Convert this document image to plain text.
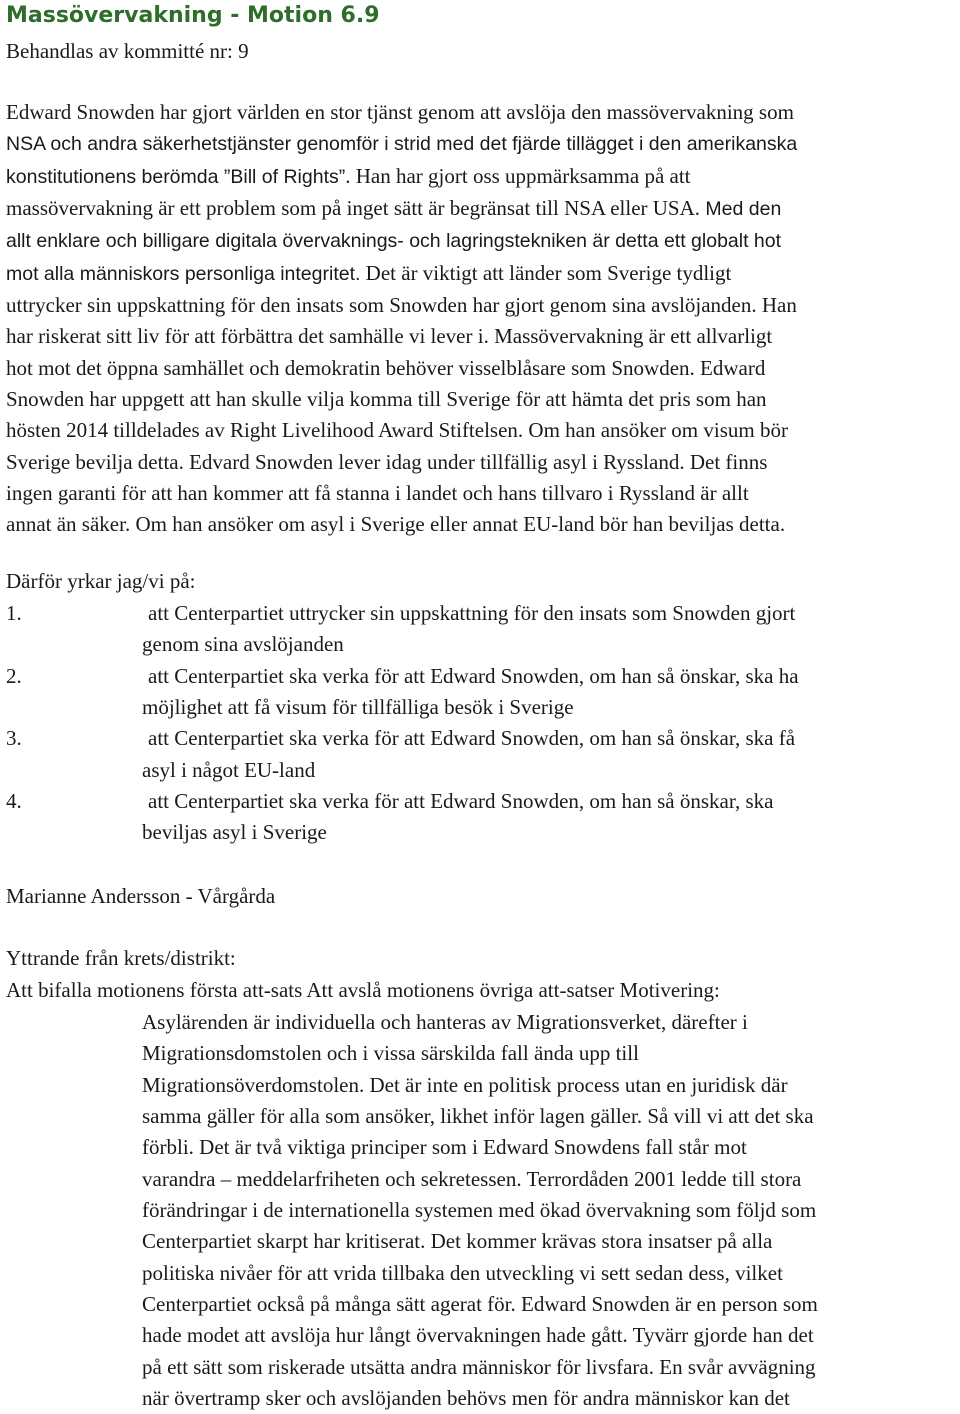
Massövervakning - Motion 6.9
Behandlas av kommitté nr: 9
Edward Snowden har gjort världen en stor tjänst genom att avslöja den massövervakning som
NSA och andra säkerhetstjänster genomför i strid med det fjärde tillägget i den amerikanska
konstitutionens berömda ”Bill of Rights”. Han har gjort oss uppmärksamma på att
massövervakning är ett problem som på inget sätt är begränsat till NSA eller USA. Med den
allt enklare och billigare digitala övervaknings- och lagringstekniken är detta ett globalt hot
mot alla människors personliga integritet. Det är viktigt att länder som Sverige tydligt
uttrycker sin uppskattning för den insats som Snowden har gjort genom sina avslöjanden. Han
har riskerat sitt liv för att förbättra det samhälle vi lever i. Massövervakning är ett allvarligt
hot mot det öppna samhället och demokratin behöver visselblåsare som Snowden. Edward
Snowden har uppgett att han skulle vilja komma till Sverige för att hämta det pris som han
hösten 2014 tilldelades av Right Livelihood Award Stiftelsen. Om han ansöker om visum bör
Sverige bevilja detta. Edvard Snowden lever idag under tillfällig asyl i Ryssland. Det finns
ingen garanti för att han kommer att få stanna i landet och hans tillvaro i Ryssland är allt
annat än säker. Om han ansöker om asyl i Sverige eller annat EU-land bör han beviljas detta.
Därför yrkar jag/vi på:
1.	att Centerpartiet uttrycker sin uppskattning för den insats som Snowden gjort
genom sina avslöjanden
2.	att Centerpartiet ska verka för att Edward Snowden, om han så önskar, ska ha
möjlighet att få visum för tillfälliga besök i Sverige
3.	att Centerpartiet ska verka för att Edward Snowden, om han så önskar, ska få
asyl i något EU-land
4.	att Centerpartiet ska verka för att Edward Snowden, om han så önskar, ska
beviljas asyl i Sverige
Marianne Andersson - Vårgårda
Yttrande från krets/distrikt:
Att bifalla motionens första att-sats Att avslå motionens övriga att-satser Motivering:
Asylärenden är individuella och hanteras av Migrationsverket, därefter i
Migrationsdomstolen och i vissa särskilda fall ända upp till
Migrationsöverdomstolen. Det är inte en politisk process utan en juridisk där
samma gäller för alla som ansöker, likhet inför lagen gäller. Så vill vi att det ska
förbli. Det är två viktiga principer som i Edward Snowdens fall står mot
varandra – meddelarfriheten och sekretessen. Terrordåden 2001 ledde till stora
förändringar i de internationella systemen med ökad övervakning som följd som
Centerpartiet skarpt har kritiserat. Det kommer krävas stora insatser på alla
politiska nivåer för att vrida tillbaka den utveckling vi sett sedan dess, vilket
Centerpartiet också på många sätt agerat för. Edward Snowden är en person som
hade modet att avslöja hur långt övervakningen hade gått. Tyvärr gjorde han det
på ett sätt som riskerade utsätta andra människor för livsfara. En svår avvägning
när övertramp sker och avslöjanden behövs men för andra människor kan det
